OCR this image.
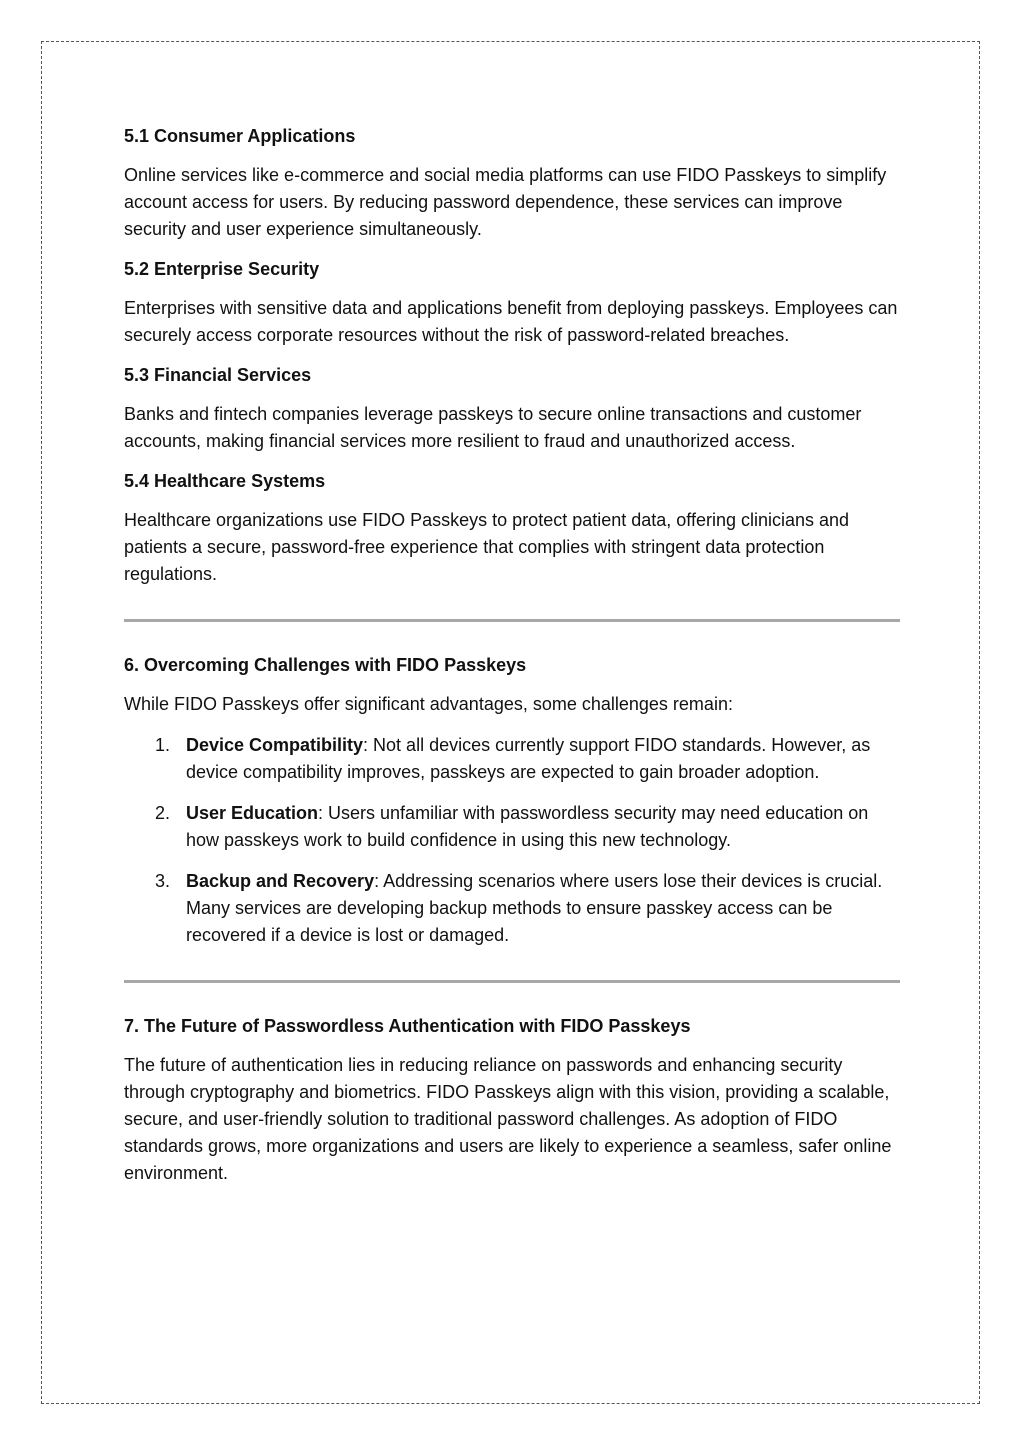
5.1 Consumer Applications

Online services like e-commerce and social media platforms can use FIDO Passkeys to simplify account access for users. By reducing password dependence, these services can improve security and user experience simultaneously.

5.2 Enterprise Security

Enterprises with sensitive data and applications benefit from deploying passkeys. Employees can securely access corporate resources without the risk of password-related breaches.

5.3 Financial Services

Banks and fintech companies leverage passkeys to secure online transactions and customer accounts, making financial services more resilient to fraud and unauthorized access.

5.4 Healthcare Systems

Healthcare organizations use FIDO Passkeys to protect patient data, offering clinicians and patients a secure, password-free experience that complies with stringent data protection regulations.

6. Overcoming Challenges with FIDO Passkeys

While FIDO Passkeys offer significant advantages, some challenges remain:

1. Device Compatibility: Not all devices currently support FIDO standards. However, as device compatibility improves, passkeys are expected to gain broader adoption.
2. User Education: Users unfamiliar with passwordless security may need education on how passkeys work to build confidence in using this new technology.
3. Backup and Recovery: Addressing scenarios where users lose their devices is crucial. Many services are developing backup methods to ensure passkey access can be recovered if a device is lost or damaged.
7. The Future of Passwordless Authentication with FIDO Passkeys

The future of authentication lies in reducing reliance on passwords and enhancing security through cryptography and biometrics. FIDO Passkeys align with this vision, providing a scalable, secure, and user-friendly solution to traditional password challenges. As adoption of FIDO standards grows, more organizations and users are likely to experience a seamless, safer online environment.
